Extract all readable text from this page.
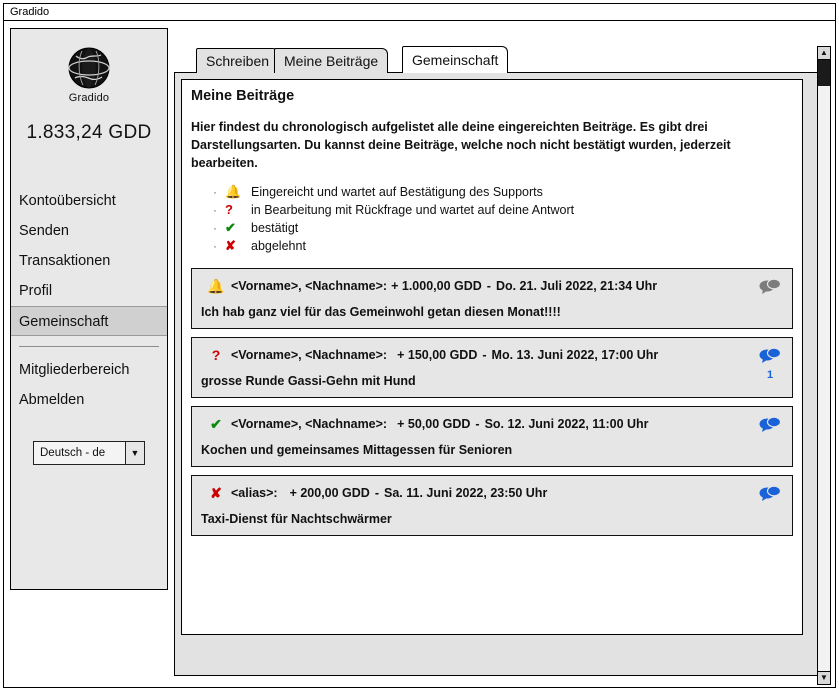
Gradido
Gradido
1.833,24 GDD
Kontoübersicht
Senden
Transaktionen
Profil
Gemeinschaft
Mitgliederbereich
Abmelden
Deutsch - de	▼
Schreiben Meine Beiträge Gemeinschaft
Meine Beiträge
Hier findest du chronologisch aufgelistet alle deine eingereichten Beiträge. Es gibt drei Darstellungsarten. Du kannst deine Beiträge, welche noch nicht bestätigt wurden, jederzeit bearbeiten.
· 🔔 Eingereicht und wartet auf Bestätigung des Supports
· ?	in Bearbeitung mit Rückfrage und wartet auf deine Antwort
· ✔	bestätigt
· ✘	abgelehnt
🔔 <Vorname>, <Nachname>: + 1.000,00 GDD - Do. 21. Juli 2022, 21:34 Uhr
Ich hab ganz viel für das Gemeinwohl getan diesen Monat!!!!
? <Vorname>, <Nachname>: + 150,00 GDD - Mo. 13. Juni 2022, 17:00 Uhr
grosse Runde Gassi-Gehn mit Hund	1
✔ <Vorname>, <Nachname>: + 50,00 GDD - So. 12. Juni 2022, 11:00 Uhr
Kochen und gemeinsames Mittagessen für Senioren
✘ <alias>: + 200,00 GDD - Sa. 11. Juni 2022, 23:50 Uhr
Taxi-Dienst für Nachtschwärmer
▲
▼
